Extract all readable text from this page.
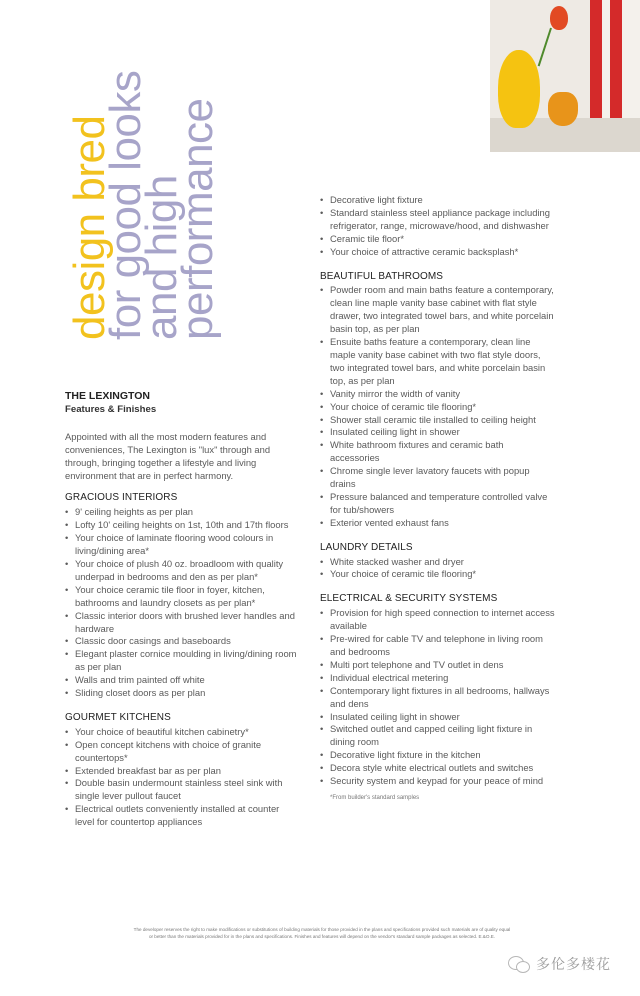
design bred
for good looks
and high
performance

THE LEXINGTON

Features & Finishes

Appointed with all the most modern features and conveniences, The Lexington is "lux" through and through, bringing together a lifestyle and living environment that are in perfect harmony.

GRACIOUS INTERIORS

• 9' ceiling heights as per plan
• Lofty 10' ceiling heights on 1st, 10th and 17th floors
• Your choice of laminate flooring wood colours in living/dining area*
• Your choice of plush 40 oz. broadloom with quality underpad in bedrooms and den as per plan*
• Your choice ceramic tile floor in foyer, kitchen, bathrooms and laundry closets as per plan*
• Classic interior doors with brushed lever handles and hardware
• Classic door casings and baseboards
• Elegant plaster cornice moulding in living/dining room as per plan
• Walls and trim painted off white
• Sliding closet doors as per plan

GOURMET KITCHENS

• Your choice of beautiful kitchen cabinetry*
• Open concept kitchens with choice of granite countertops*
• Extended breakfast bar as per plan
• Double basin undermount stainless steel sink with single lever pullout faucet
• Electrical outlets conveniently installed at counter level for countertop appliances
• Decorative light fixture
• Standard stainless steel appliance package including refrigerator, range, microwave/hood, and dishwasher
• Ceramic tile floor*
• Your choice of attractive ceramic backsplash*

BEAUTIFUL BATHROOMS

• Powder room and main baths feature a contemporary, clean line maple vanity base cabinet with flat style drawer, two integrated towel bars, and white porcelain basin top, as per plan
• Ensuite baths feature a contemporary, clean line maple vanity base cabinet with two flat style doors, two integrated towel bars, and white porcelain basin top, as per plan
• Vanity mirror the width of vanity
• Your choice of ceramic tile flooring*
• Shower stall ceramic tile installed to ceiling height
• Insulated ceiling light in shower
• White bathroom fixtures and ceramic bath accessories
• Chrome single lever lavatory faucets with popup drains
• Pressure balanced and temperature controlled valve for tub/showers
• Exterior vented exhaust fans

LAUNDRY DETAILS

• White stacked washer and dryer
• Your choice of ceramic tile flooring*

ELECTRICAL & SECURITY SYSTEMS

• Provision for high speed connection to internet access available
• Pre-wired for cable TV and telephone in living room and bedrooms
• Multi port telephone and TV outlet in dens
• Individual electrical metering
• Contemporary light fixtures in all bedrooms, hallways and dens
• Insulated ceiling light in shower
• Switched outlet and capped ceiling light fixture in dining room
• Decorative light fixture in the kitchen
• Decora style white electrical outlets and switches
• Security system and keypad for your peace of mind

*From builder's standard samples

The developer reserves the right to make modifications or substitutions of building materials for those provided in the plans and specifications provided such materials are of quality equal
or better than the materials provided for in the plans and specifications. Finishes and features will depend on the vendor's standard sample packages as selected. E.&O.E.
多伦多楼花
